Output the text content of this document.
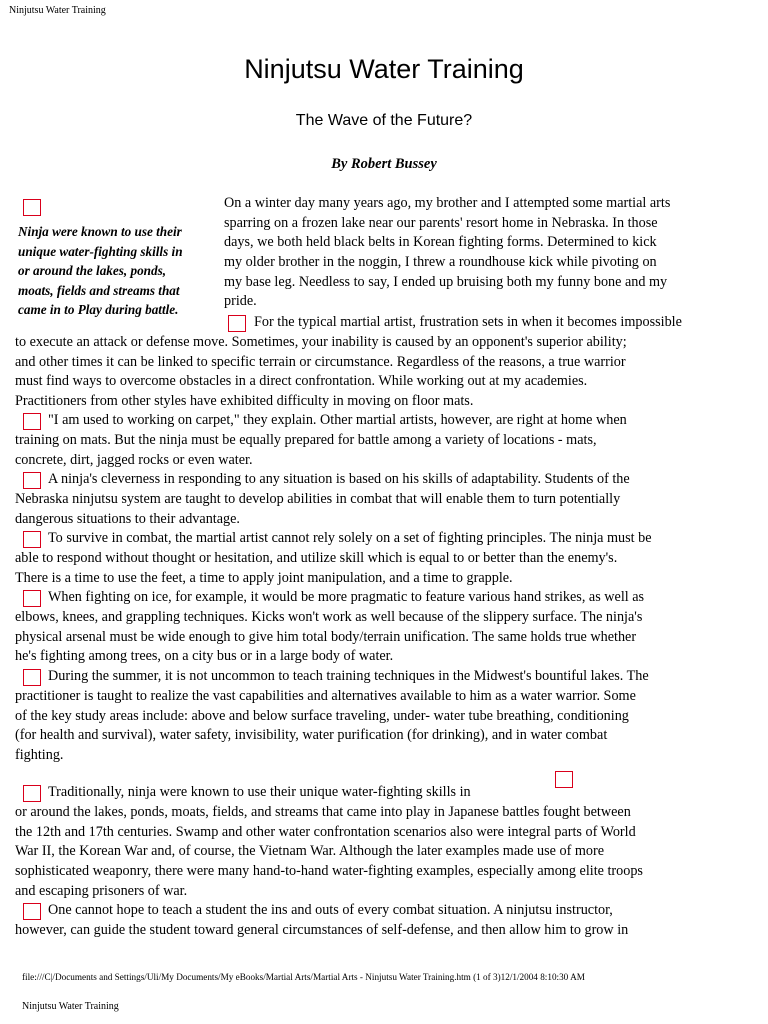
Ninjutsu Water Training
Ninjutsu Water Training
The Wave of the Future?
By Robert Bussey
Ninja were known to use their
unique water-fighting skills in
or around the lakes, ponds,
moats, fields and streams that
came in to Play during battle.
On a winter day many years ago, my brother and I attempted some martial arts
sparring on a frozen lake near our parents' resort home in Nebraska. In those
days, we both held black belts in Korean fighting forms. Determined to kick
my older brother in the noggin, I threw a roundhouse kick while pivoting on
my base leg. Needless to say, I ended up bruising both my funny bone and my
pride.
For the typical martial artist, frustration sets in when it becomes impossible
to execute an attack or defense move. Sometimes, your inability is caused by an opponent's superior ability;
and other times it can be linked to specific terrain or circumstance. Regardless of the reasons, a true warrior
must find ways to overcome obstacles in a direct confrontation. While working out at my academies.
Practitioners from other styles have exhibited difficulty in moving on floor mats.
"I am used to working on carpet," they explain. Other martial artists, however, are right at home when
training on mats. But the ninja must be equally prepared for battle among a variety of locations - mats,
concrete, dirt, jagged rocks or even water.
A ninja's cleverness in responding to any situation is based on his skills of adaptability. Students of the
Nebraska ninjutsu system are taught to develop abilities in combat that will enable them to turn potentially
dangerous situations to their advantage.
To survive in combat, the martial artist cannot rely solely on a set of fighting principles. The ninja must be
able to respond without thought or hesitation, and utilize skill which is equal to or better than the enemy's.
There is a time to use the feet, a time to apply joint manipulation, and a time to grapple.
When fighting on ice, for example, it would be more pragmatic to feature various hand strikes, as well as
elbows, knees, and grappling techniques. Kicks won't work as well because of the slippery surface. The ninja's
physical arsenal must be wide enough to give him total body/terrain unification. The same holds true whether
he's fighting among trees, on a city bus or in a large body of water.
During the summer, it is not uncommon to teach training techniques in the Midwest's bountiful lakes. The
practitioner is taught to realize the vast capabilities and alternatives available to him as a water warrior. Some
of the key study areas include: above and below surface traveling, under- water tube breathing, conditioning
(for health and survival), water safety, invisibility, water purification (for drinking), and in water combat
fighting.
Traditionally, ninja were known to use their unique water-fighting skills in
or around the lakes, ponds, moats, fields, and streams that came into play in Japanese battles fought between
the 12th and 17th centuries. Swamp and other water confrontation scenarios also were integral parts of World
War II, the Korean War and, of course, the Vietnam War. Although the later examples made use of more
sophisticated weaponry, there were many hand-to-hand water-fighting examples, especially among elite troops
and escaping prisoners of war.
One cannot hope to teach a student the ins and outs of every combat situation. A ninjutsu instructor,
however, can guide the student toward general circumstances of self-defense, and then allow him to grow in
file:///C|/Documents and Settings/Uli/My Documents/My eBooks/Martial Arts/Martial Arts - Ninjutsu Water Training.htm (1 of 3)12/1/2004 8:10:30 AM
Ninjutsu Water Training
